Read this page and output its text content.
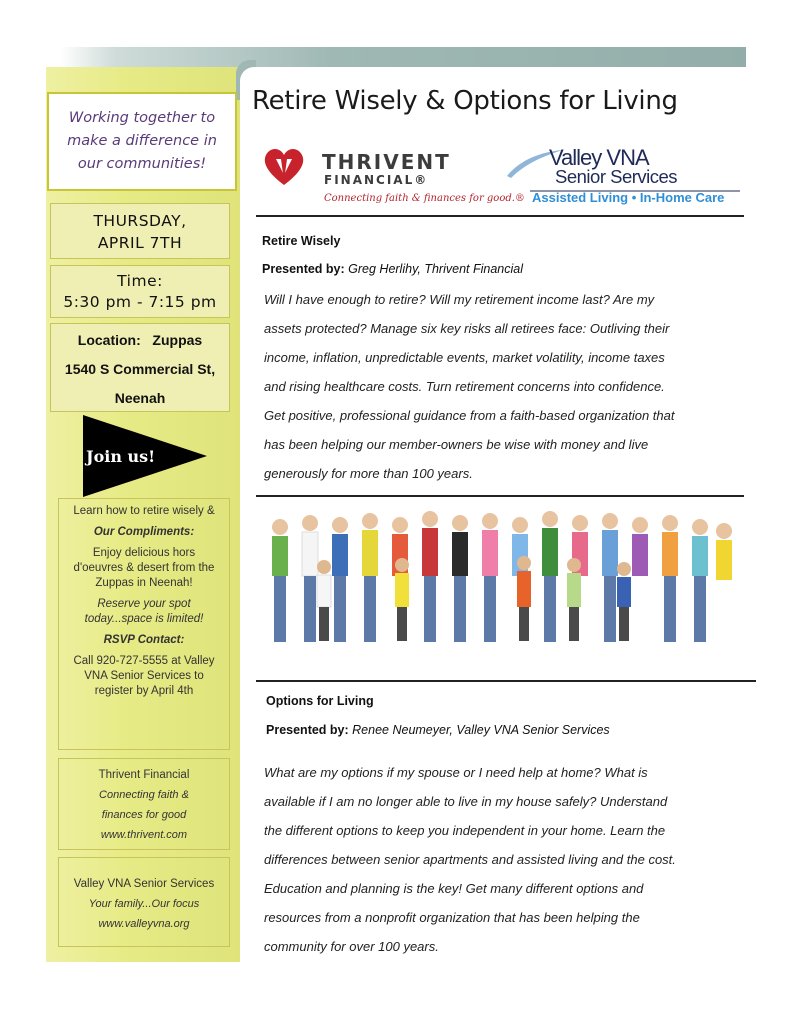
Working together to
make a difference in
our communities!
THURSDAY,
APRIL 7TH
Time:
5:30 pm - 7:15 pm
Location:   Zuppas
1540 S Commercial St,
Neenah
Join us!
Learn how to retire wisely &
Our Compliments:
Enjoy delicious hors d'oeuvres & desert from the Zuppas in Neenah!
Reserve your spot today...space is limited!
RSVP Contact:
Call 920-727-5555 at Valley VNA Senior Services to register by April 4th
Thrivent Financial
Connecting faith & finances for good
www.thrivent.com
Valley VNA Senior Services
Your family...Our focus
www.valleyvna.org
Retire Wisely & Options for Living
THRIVENT
FINANCIAL®
Connecting faith & finances for good.®
Valley VNA
Senior Services
Assisted Living • In-Home Care
Retire Wisely
Presented by: Greg Herlihy, Thrivent Financial
Will I have enough to retire? Will my retirement income last? Are my
assets protected? Manage six key risks all retirees face: Outliving their
income, inflation, unpredictable events, market volatility, income taxes
and rising healthcare costs. Turn retirement concerns into confidence.
Get positive, professional guidance from a faith-based organization that
has been helping our member-owners be wise with money and live
generously for more than 100 years.
Options for Living
Presented by: Renee Neumeyer, Valley VNA Senior Services
What are my options if my spouse or I need help at home? What is
available if I am no longer able to live in my house safely? Understand
the different options to keep you independent in your home. Learn the
differences between senior apartments and assisted living and the cost.
Education and planning is the key! Get many different options and
resources from a nonprofit organization that has been helping the
community for over 100 years.
